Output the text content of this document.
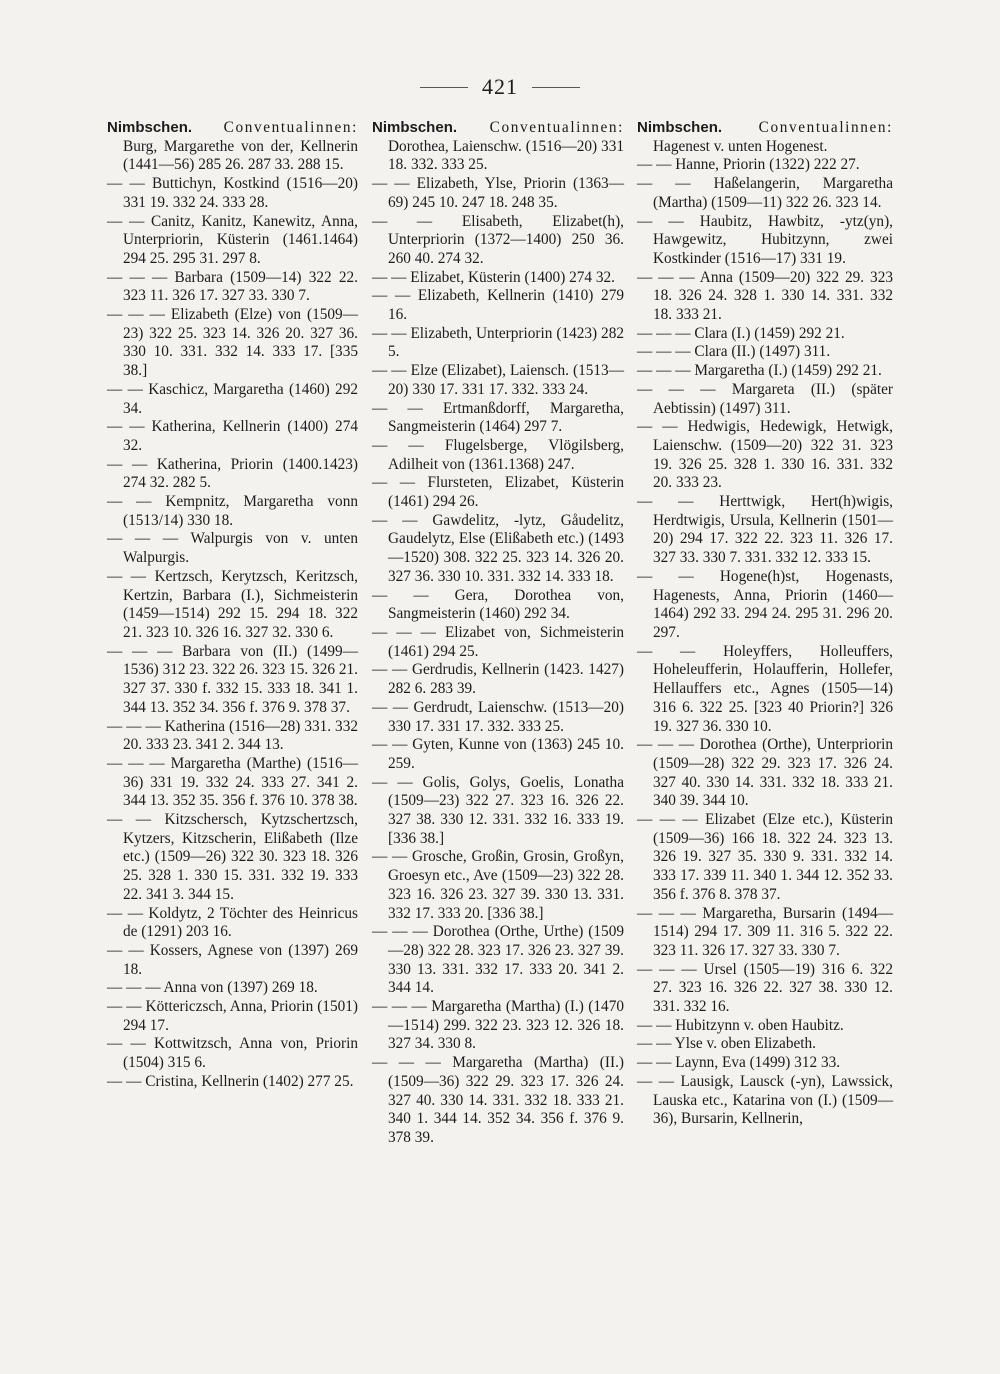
421
Nimbschen. Conventualinnen: Burg, Margarethe von der, Kellnerin (1441—56) 285 26. 287 33. 288 15.
— — Buttichyn, Kostkind (1516—20) 331 19. 332 24. 333 28.
— — Canitz, Kanitz, Kanewitz, Anna, Unterpriorin, Küsterin (1461.1464) 294 25. 295 31. 297 8.
— — — Barbara (1509—14) 322 22. 323 11. 326 17. 327 33. 330 7.
— — — Elizabeth (Elze) von (1509—23) 322 25. 323 14. 326 20. 327 36. 330 10. 331. 332 14. 333 17. [335 38.]
— — Kaschicz, Margaretha (1460) 292 34.
— — Katherina, Kellnerin (1400) 274 32.
— — Katherina, Priorin (1400.1423) 274 32. 282 5.
— — Kempnitz, Margaretha vonn (1513/14) 330 18.
— — — Walpurgis von v. unten Walpurgis.
— — Kertzsch, Kerytzsch, Keritzsch, Kertzin, Barbara (I.), Sichmeisterin (1459—1514) 292 15. 294 18. 322 21. 323 10. 326 16. 327 32. 330 6.
— — — Barbara von (II.) (1499—1536) 312 23. 322 26. 323 15. 326 21. 327 37. 330 f. 332 15. 333 18. 341 1. 344 13. 352 34. 356 f. 376 9. 378 37.
— — — Katherina (1516—28) 331. 332 20. 333 23. 341 2. 344 13.
— — — Margaretha (Marthe) (1516—36) 331 19. 332 24. 333 27. 341 2. 344 13. 352 35. 356 f. 376 10. 378 38.
— — Kitzschersch, Kytzschertzsch, Kytzers, Kitzscherin, Elißabeth (Ilze etc.) (1509—26) 322 30. 323 18. 326 25. 328 1. 330 15. 331. 332 19. 333 22. 341 3. 344 15.
— — Koldytz, 2 Töchter des Heinricus de (1291) 203 16.
— — Kossers, Agnese von (1397) 269 18.
— — — Anna von (1397) 269 18.
— — Köttericzsch, Anna, Priorin (1501) 294 17.
— — Kottwitzsch, Anna von, Priorin (1504) 315 6.
— — Cristina, Kellnerin (1402) 277 25.
Nimbschen. Conventualinnen: Dorothea, Laienschw. (1516—20) 331 18. 332. 333 25.
— — Elizabeth, Ylse, Priorin (1363—69) 245 10. 247 18. 248 35.
— — Elisabeth, Elizabet(h), Unterpriorin (1372—1400) 250 36. 260 40. 274 32.
— — Elizabet, Küsterin (1400) 274 32.
— — Elizabeth, Kellnerin (1410) 279 16.
— — Elizabeth, Unterpriorin (1423) 282 5.
— — Elze (Elizabet), Laiensch. (1513—20) 330 17. 331 17. 332. 333 24.
— — Ertmanßdorff, Margaretha, Sangmeisterin (1464) 297 7.
— — Flugelsberge, Vlögilsberg, Adilheit von (1361.1368) 247.
— — Flursteten, Elizabet, Küsterin (1461) 294 26.
— — Gawdelitz, -lytz, Gåudelitz, Gaudelytz, Else (Elißabeth etc.) (1493—1520) 308. 322 25. 323 14. 326 20. 327 36. 330 10. 331. 332 14. 333 18.
— — Gera, Dorothea von, Sangmeisterin (1460) 292 34.
— — — Elizabet von, Sichmeisterin (1461) 294 25.
— — Gerdrudis, Kellnerin (1423. 1427) 282 6. 283 39.
— — Gerdrudt, Laienschw. (1513—20) 330 17. 331 17. 332. 333 25.
— — Gyten, Kunne von (1363) 245 10. 259.
— — Golis, Golys, Goelis, Lonatha (1509—23) 322 27. 323 16. 326 22. 327 38. 330 12. 331. 332 16. 333 19. [336 38.]
— — Grosche, Großin, Grosin, Großyn, Groesyn etc., Ave (1509—23) 322 28. 323 16. 326 23. 327 39. 330 13. 331. 332 17. 333 20. [336 38.]
— — — Dorothea (Orthe, Urthe) (1509—28) 322 28. 323 17. 326 23. 327 39. 330 13. 331. 332 17. 333 20. 341 2. 344 14.
— — — Margaretha (Martha) (I.) (1470—1514) 299. 322 23. 323 12. 326 18. 327 34. 330 8.
— — — Margaretha (Martha) (II.) (1509—36) 322 29. 323 17. 326 24. 327 40. 330 14. 331. 332 18. 333 21. 340 1. 344 14. 352 34. 356 f. 376 9. 378 39.
Nimbschen. Conventualinnen: Hagenest v. unten Hogenest.
— — Hanne, Priorin (1322) 222 27.
— — Haßelangerin, Margaretha (Martha) (1509—11) 322 26. 323 14.
— — Haubitz, Hawbitz, -ytz(yn), Hawgewitz, Hubitzynn, zwei Kostkinder (1516—17) 331 19.
— — — Anna (1509—20) 322 29. 323 18. 326 24. 328 1. 330 14. 331. 332 18. 333 21.
— — — Clara (I.) (1459) 292 21.
— — — Clara (II.) (1497) 311.
— — — Margaretha (I.) (1459) 292 21.
— — — Margareta (II.) (später Aebtissin) (1497) 311.
— — Hedwigis, Hedewigk, Hetwigk, Laienschw. (1509—20) 322 31. 323 19. 326 25. 328 1. 330 16. 331. 332 20. 333 23.
— — Herttwigk, Hert(h)wigis, Herdtwigis, Ursula, Kellnerin (1501—20) 294 17. 322 22. 323 11. 326 17. 327 33. 330 7. 331. 332 12. 333 15.
— — Hogene(h)st, Hogenasts, Hagenests, Anna, Priorin (1460—1464) 292 33. 294 24. 295 31. 296 20. 297.
— — Holeyffers, Holleuffers, Hoheleufferin, Holaufferin, Hollefer, Hellauffers etc., Agnes (1505—14) 316 6. 322 25. [323 40 Priorin?] 326 19. 327 36. 330 10.
— — — Dorothea (Orthe), Unterpriorin (1509—28) 322 29. 323 17. 326 24. 327 40. 330 14. 331. 332 18. 333 21. 340 39. 344 10.
— — — Elizabet (Elze etc.), Küsterin (1509—36) 166 18. 322 24. 323 13. 326 19. 327 35. 330 9. 331. 332 14. 333 17. 339 11. 340 1. 344 12. 352 33. 356 f. 376 8. 378 37.
— — — Margaretha, Bursarin (1494—1514) 294 17. 309 11. 316 5. 322 22. 323 11. 326 17. 327 33. 330 7.
— — — Ursel (1505—19) 316 6. 322 27. 323 16. 326 22. 327 38. 330 12. 331. 332 16.
— — Hubitzynn v. oben Haubitz.
— — Ylse v. oben Elizabeth.
— — Laynn, Eva (1499) 312 33.
— — Lausigk, Lausck (-yn), Lawssick, Lauska etc., Katarina von (I.) (1509—36), Bursarin, Kellnerin,
